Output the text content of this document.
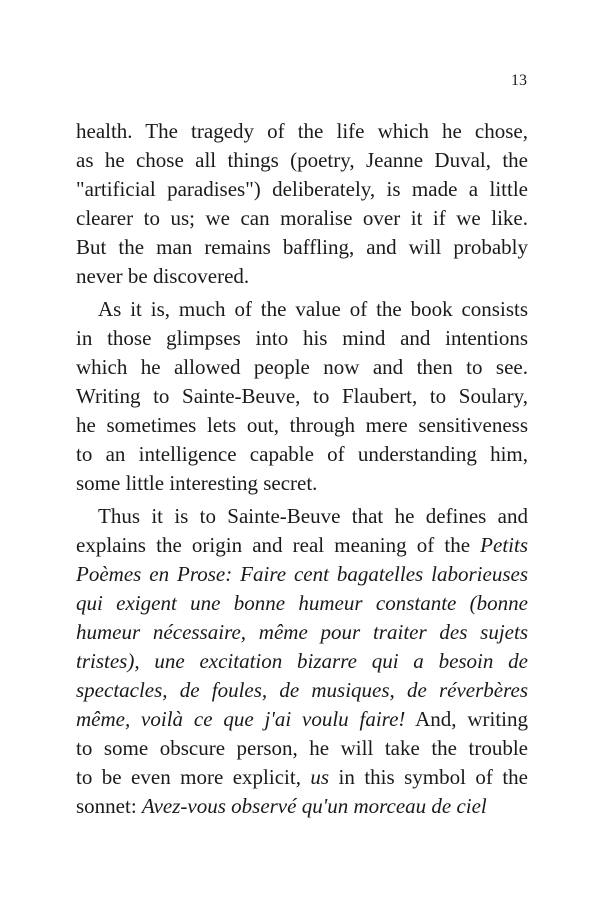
13
health. The tragedy of the life which he chose,
as he chose all things (poetry, Jeanne Duval, the
"artificial paradises") deliberately, is made a little
clearer to us; we can moralise over it if we like.
But the man remains baffling, and will probably
never be discovered.
As it is, much of the value of the book consists
in those glimpses into his mind and intentions
which he allowed people now and then to see.
Writing to Sainte-Beuve, to Flaubert, to Soulary,
he sometimes lets out, through mere sensitiveness
to an intelligence capable of understanding him,
some little interesting secret.
Thus it is to Sainte-Beuve that he defines and
explains the origin and real meaning of the Petits
Poèmes en Prose: Faire cent bagatelles laborieuses
qui exigent une bonne humeur constante (bonne
humeur nécessaire, même pour traiter des sujets
tristes), une excitation bizarre qui a besoin de
spectacles, de foules, de musiques, de réverbères
même, voilà ce que j'ai voulu faire! And, writing
to some obscure person, he will take the trouble
to be even more explicit, us in this symbol of the
sonnet: Avez-vous observé qu'un morceau de ciel
